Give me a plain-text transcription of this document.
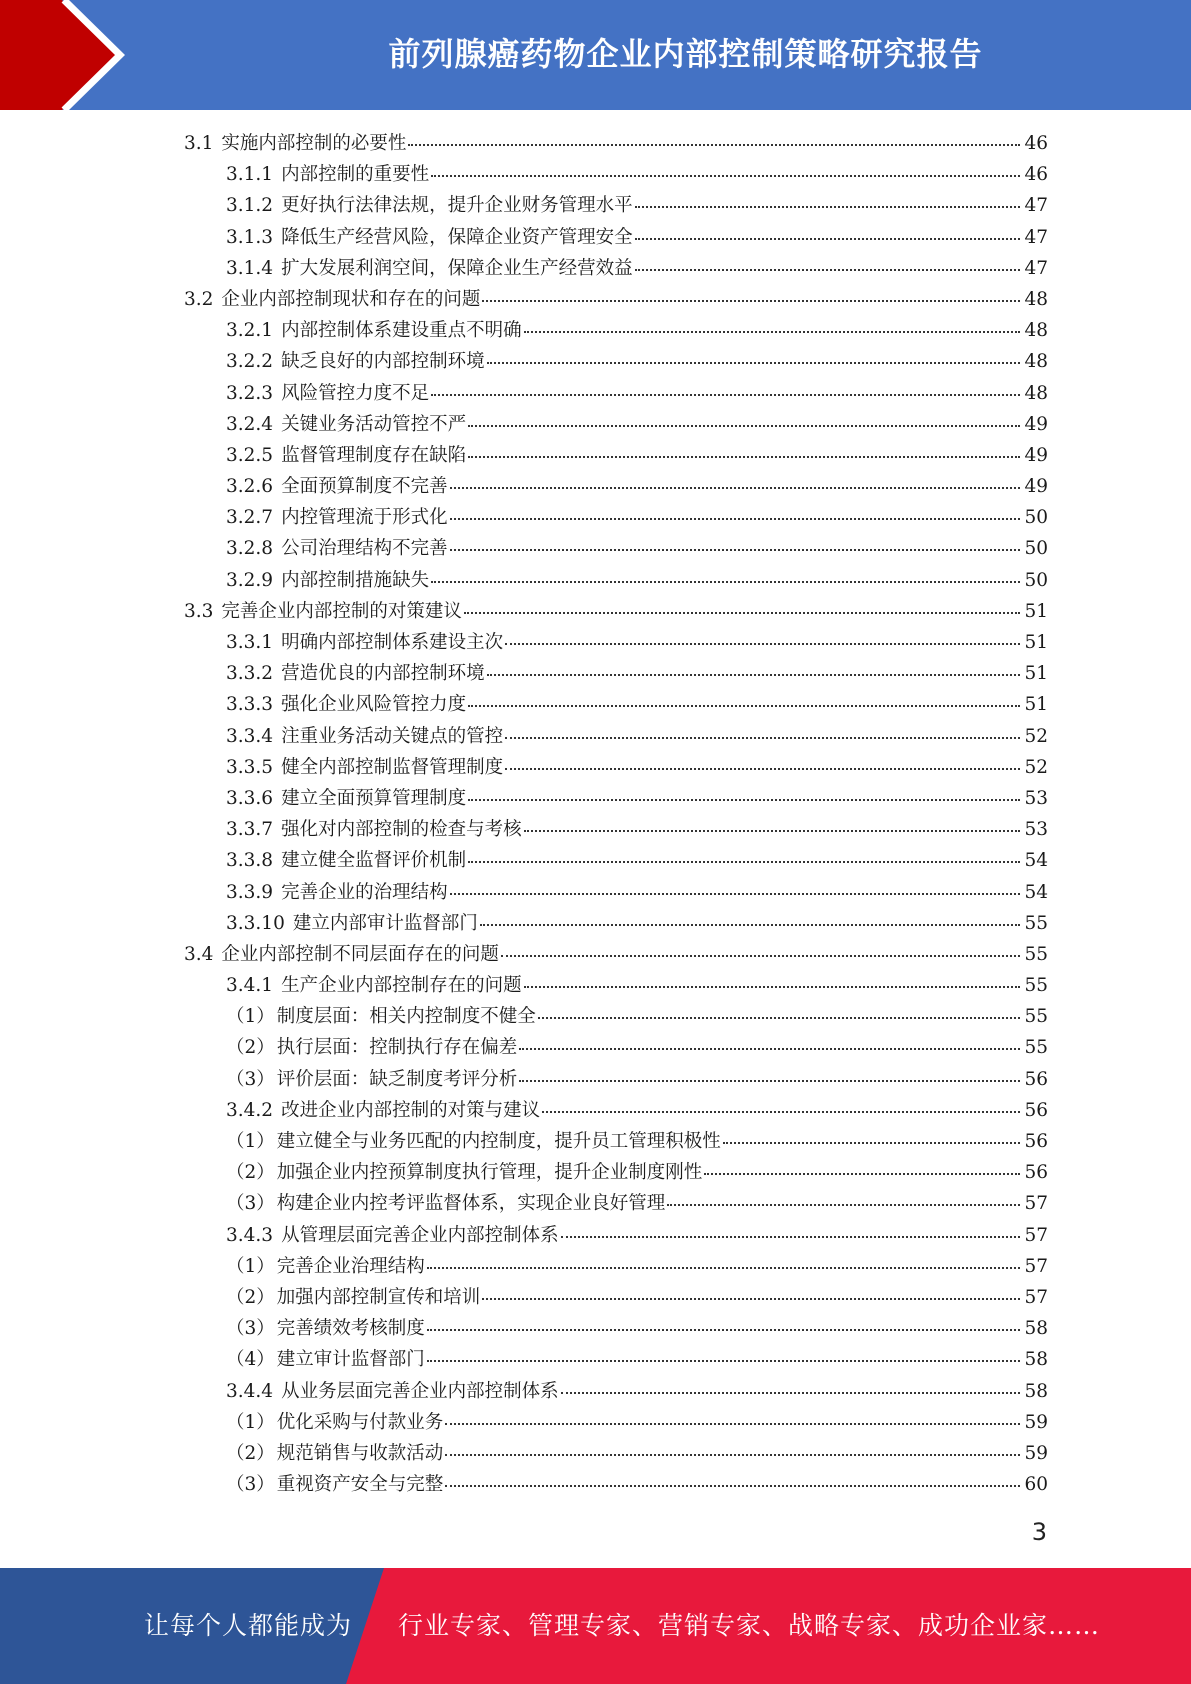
前列腺癌药物企业内部控制策略研究报告
3.1 实施内部控制的必要性	46
3.1.1 内部控制的重要性	46
3.1.2 更好执行法律法规，提升企业财务管理水平	47
3.1.3 降低生产经营风险，保障企业资产管理安全	47
3.1.4 扩大发展利润空间，保障企业生产经营效益	47
3.2 企业内部控制现状和存在的问题	48
3.2.1 内部控制体系建设重点不明确	48
3.2.2 缺乏良好的内部控制环境	48
3.2.3 风险管控力度不足	48
3.2.4 关键业务活动管控不严	49
3.2.5 监督管理制度存在缺陷	49
3.2.6 全面预算制度不完善	49
3.2.7 内控管理流于形式化	50
3.2.8 公司治理结构不完善	50
3.2.9 内部控制措施缺失	50
3.3 完善企业内部控制的对策建议	51
3.3.1 明确内部控制体系建设主次	51
3.3.2 营造优良的内部控制环境	51
3.3.3 强化企业风险管控力度	51
3.3.4 注重业务活动关键点的管控	52
3.3.5 健全内部控制监督管理制度	52
3.3.6 建立全面预算管理制度	53
3.3.7 强化对内部控制的检查与考核	53
3.3.8 建立健全监督评价机制	54
3.3.9 完善企业的治理结构	54
3.3.10 建立内部审计监督部门	55
3.4 企业内部控制不同层面存在的问题	55
3.4.1 生产企业内部控制存在的问题	55
（1） 制度层面：相关内控制度不健全	55
（2） 执行层面：控制执行存在偏差	55
（3） 评价层面：缺乏制度考评分析	56
3.4.2 改进企业内部控制的对策与建议	56
（1） 建立健全与业务匹配的内控制度，提升员工管理积极性	56
（2） 加强企业内控预算制度执行管理，提升企业制度刚性	56
（3） 构建企业内控考评监督体系，实现企业良好管理	57
3.4.3 从管理层面完善企业内部控制体系	57
（1） 完善企业治理结构	57
（2） 加强内部控制宣传和培训	57
（3） 完善绩效考核制度	58
（4） 建立审计监督部门	58
3.4.4 从业务层面完善企业内部控制体系	58
（1） 优化采购与付款业务	59
（2） 规范销售与收款活动	59
（3） 重视资产安全与完整	60
3
让每个人都能成为 行业专家、管理专家、营销专家、战略专家、成功企业家……
